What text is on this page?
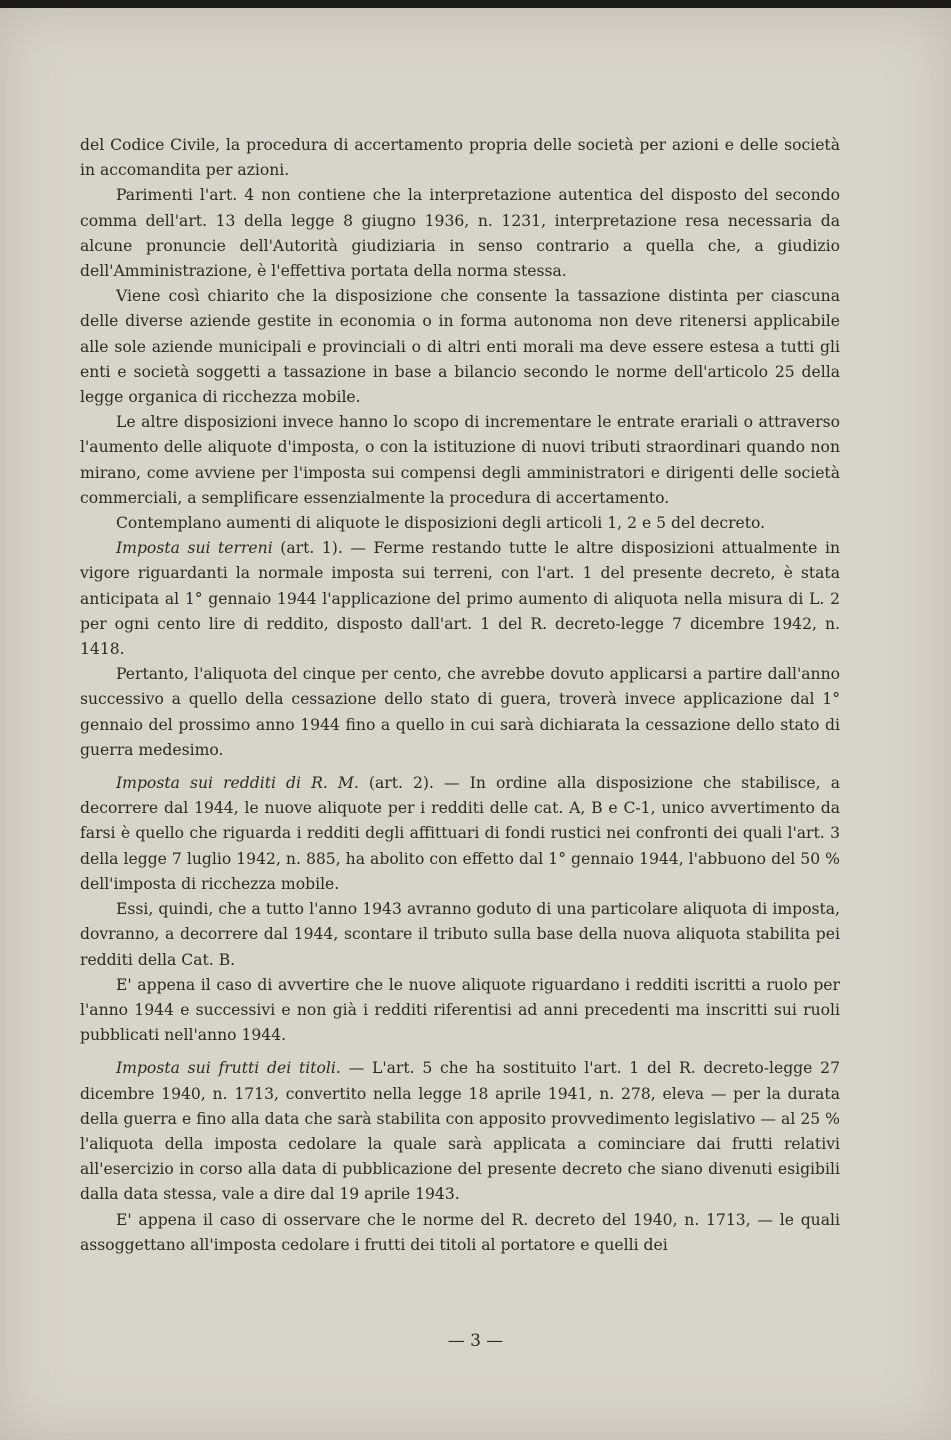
del Codice Civile, la procedura di accertamento propria delle società per azioni e delle società in accomandita per azioni.

Parimenti l'art. 4 non contiene che la interpretazione autentica del disposto del secondo comma dell'art. 13 della legge 8 giugno 1936, n. 1231, interpretazione resa necessaria da alcune pronuncie dell'Autorità giudiziaria in senso contrario a quella che, a giudizio dell'Amministrazione, è l'effettiva portata della norma stessa.

Viene così chiarito che la disposizione che consente la tassazione distinta per ciascuna delle diverse aziende gestite in economia o in forma autonoma non deve ritenersi applicabile alle sole aziende municipali e provinciali o di altri enti morali ma deve essere estesa a tutti gli enti e società soggetti a tassazione in base a bilancio secondo le norme dell'articolo 25 della legge organica di ricchezza mobile.

Le altre disposizioni invece hanno lo scopo di incrementare le entrate erariali o attraverso l'aumento delle aliquote d'imposta, o con la istituzione di nuovi tributi straordinari quando non mirano, come avviene per l'imposta sui compensi degli amministratori e dirigenti delle società commerciali, a semplificare essenzialmente la procedura di accertamento.

Contemplano aumenti di aliquote le disposizioni degli articoli 1, 2 e 5 del decreto.

Imposta sui terreni (art. 1). — Ferme restando tutte le altre disposizioni attualmente in vigore riguardanti la normale imposta sui terreni, con l'art. 1 del presente decreto, è stata anticipata al 1° gennaio 1944 l'applicazione del primo aumento di aliquota nella misura di L. 2 per ogni cento lire di reddito, disposto dall'art. 1 del R. decreto-legge 7 dicembre 1942, n. 1418.

Pertanto, l'aliquota del cinque per cento, che avrebbe dovuto applicarsi a partire dall'anno successivo a quello della cessazione dello stato di guera, troverà invece applicazione dal 1° gennaio del prossimo anno 1944 fino a quello in cui sarà dichiarata la cessazione dello stato di guerra medesimo.

Imposta sui redditi di R. M. (art. 2). — In ordine alla disposizione che stabilisce, a decorrere dal 1944, le nuove aliquote per i redditi delle cat. A, B e C-1, unico avvertimento da farsi è quello che riguarda i redditi degli affittuari di fondi rustici nei confronti dei quali l'art. 3 della legge 7 luglio 1942, n. 885, ha abolito con effetto dal 1° gennaio 1944, l'abbuono del 50 % dell'imposta di ricchezza mobile.

Essi, quindi, che a tutto l'anno 1943 avranno goduto di una particolare aliquota di imposta, dovranno, a decorrere dal 1944, scontare il tributo sulla base della nuova aliquota stabilita pei redditi della Cat. B.

E' appena il caso di avvertire che le nuove aliquote riguardano i redditi iscritti a ruolo per l'anno 1944 e successivi e non già i redditi riferentisi ad anni precedenti ma inscritti sui ruoli pubblicati nell'anno 1944.

Imposta sui frutti dei titoli. — L'art. 5 che ha sostituito l'art. 1 del R. decreto-legge 27 dicembre 1940, n. 1713, convertito nella legge 18 aprile 1941, n. 278, eleva — per la durata della guerra e fino alla data che sarà stabilita con apposito provvedimento legislativo — al 25 % l'aliquota della imposta cedolare la quale sarà applicata a cominciare dai frutti relativi all'esercizio in corso alla data di pubblicazione del presente decreto che siano divenuti esigibili dalla data stessa, vale a dire dal 19 aprile 1943.

E' appena il caso di osservare che le norme del R. decreto del 1940, n. 1713, — le quali assoggettano all'imposta cedolare i frutti dei titoli al portatore e quelli dei

— 3 —
